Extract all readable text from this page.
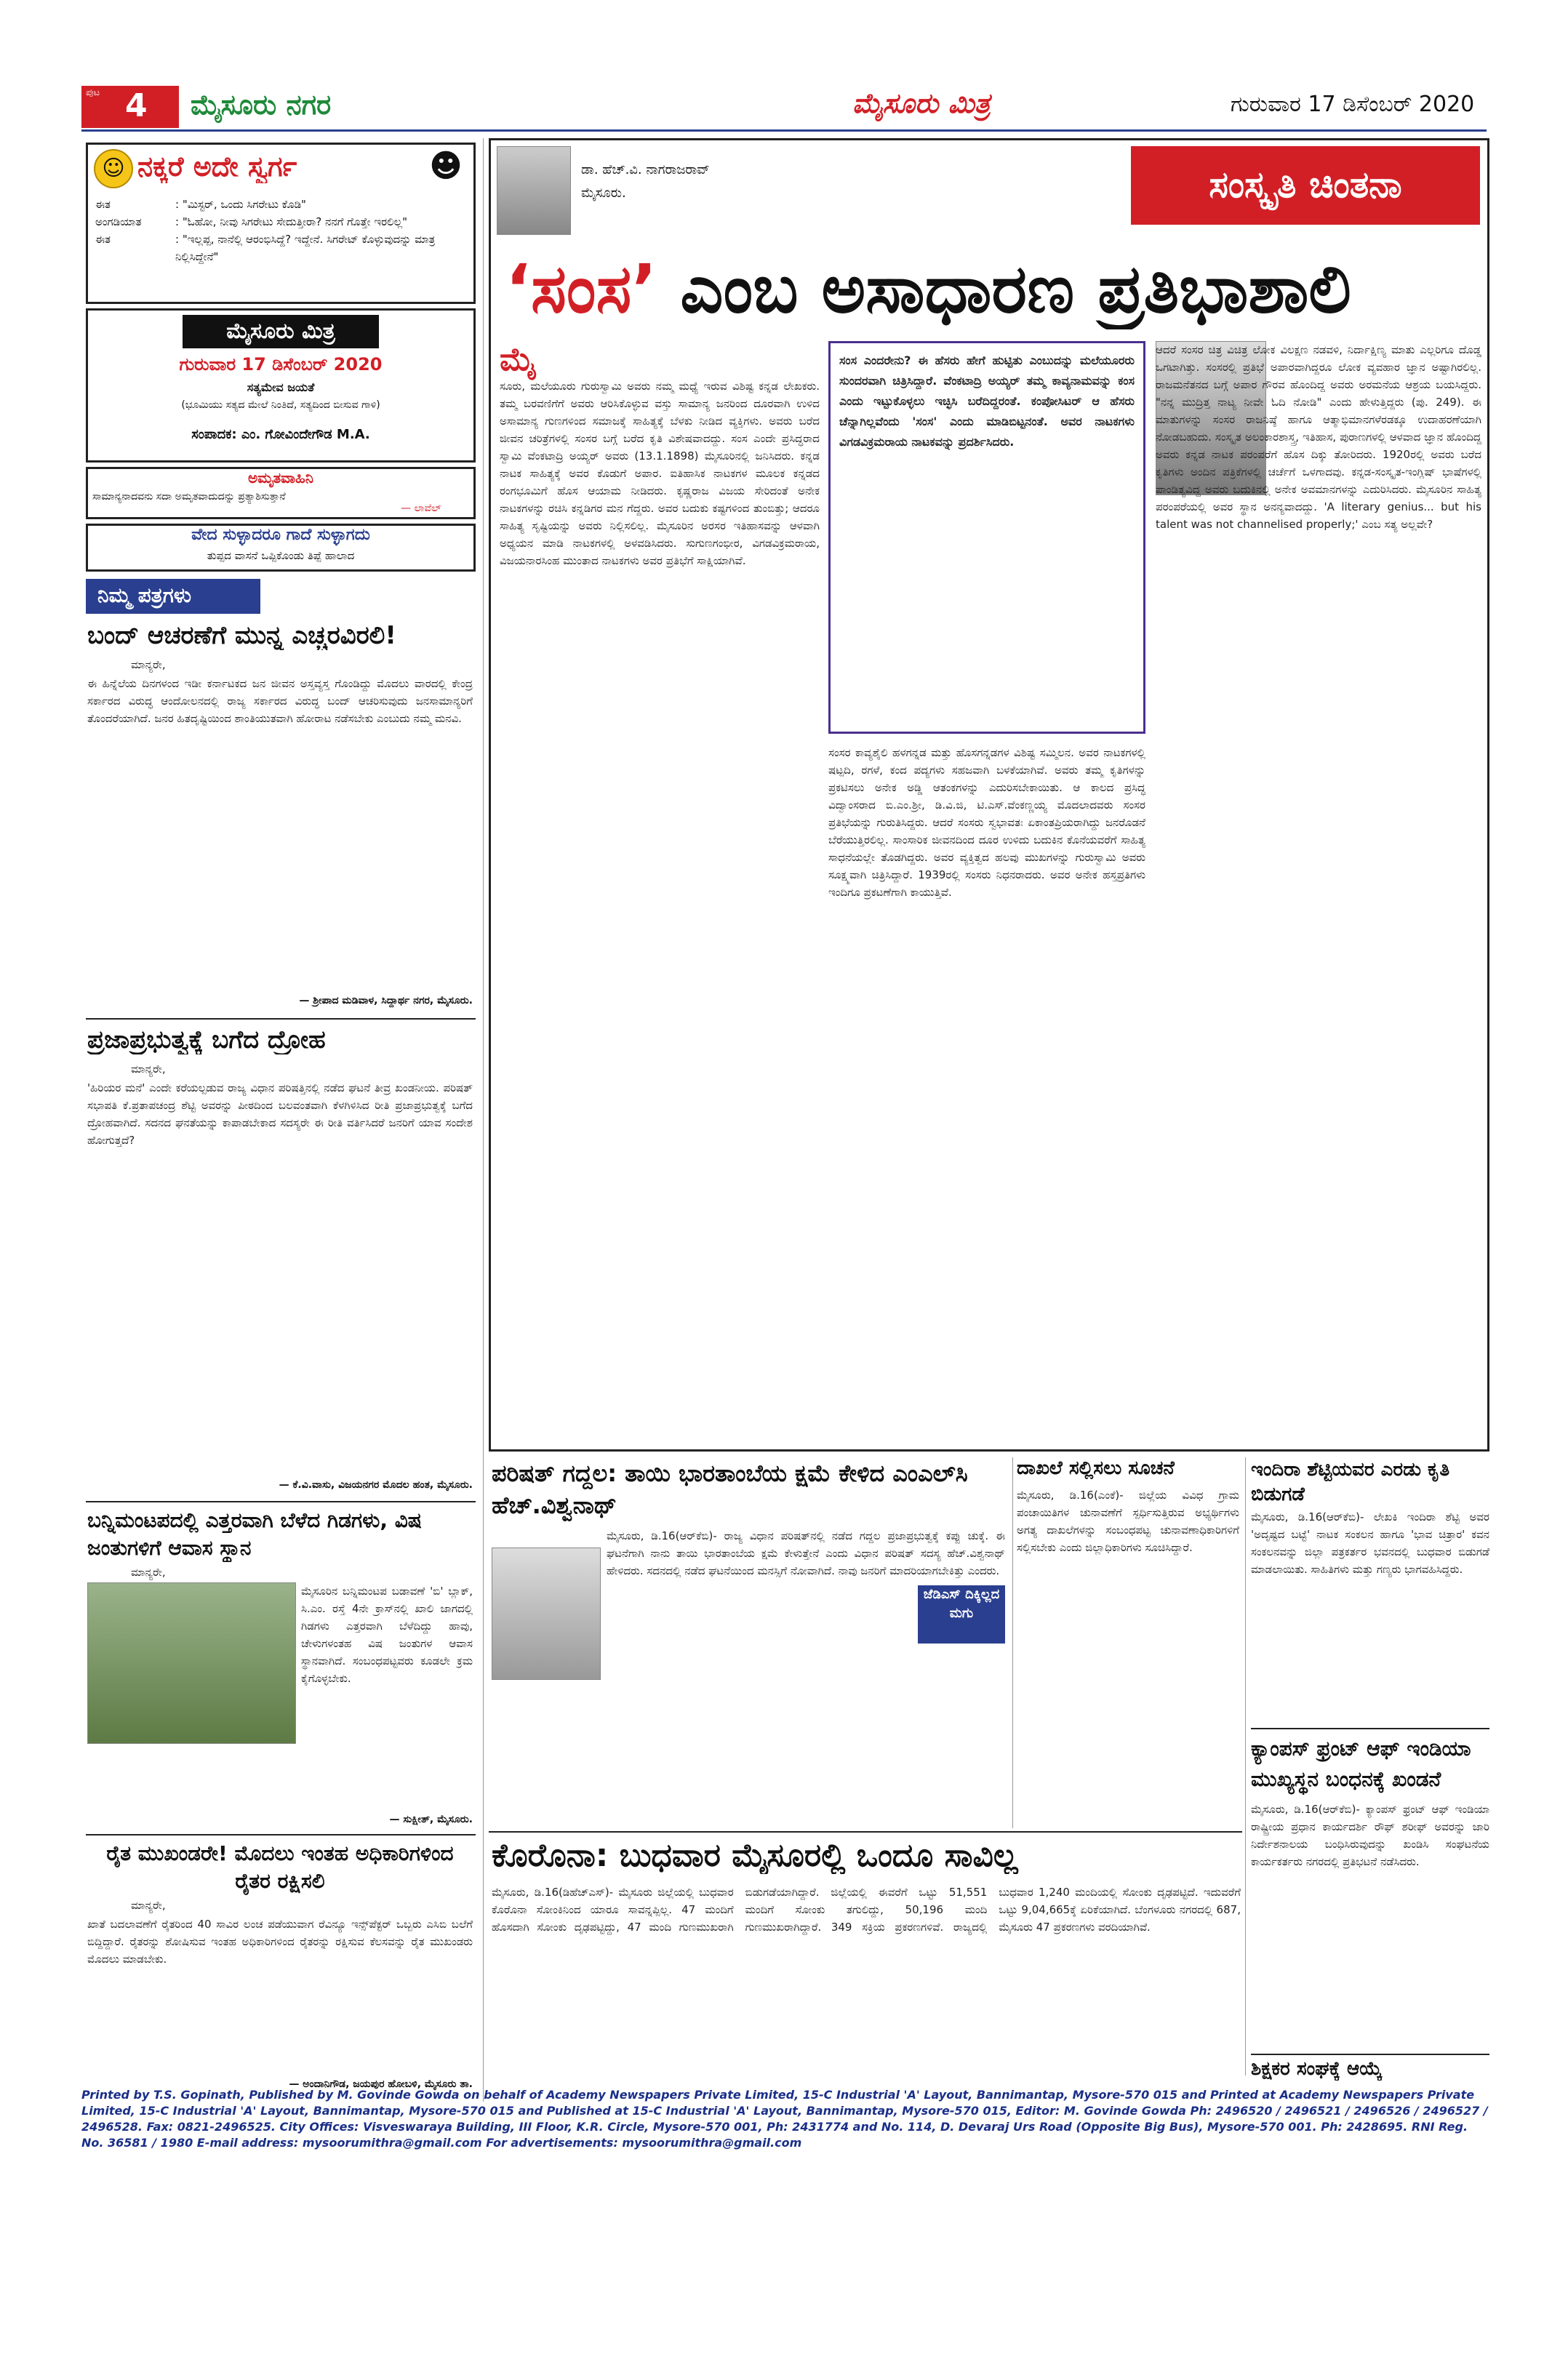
ಪುಟ 4 ಮೈಸೂರು ನಗರ	ಮೈಸೂರು ಮಿತ್ರ	ಗುರುವಾರ 17 ಡಿಸೆಂಬರ್ 2020
☺ ನಕ್ಕರೆ ಅದೇ ಸ್ವರ್ಗ	☻
ಈತ	: "ಮಿಸ್ಟರ್, ಒಂದು ಸಿಗರೇಟು ಕೊಡಿ"
ಅಂಗಡಿಯಾತ	: "ಓಹೋ, ನೀವು ಸಿಗರೇಟು ಸೇದುತ್ತೀರಾ? ನನಗೆ ಗೊತ್ತೇ ಇರಲಿಲ್ಲ"
ಈತ	: "ಇಲ್ಲಪ್ಪ, ನಾನೆಲ್ಲಿ ಆರಂಭಿಸಿದ್ದೆ? ಇದ್ದೇನೆ. ಸಿಗರೇಟ್ ಕೊಳ್ಳುವುದನ್ನು ಮಾತ್ರ ನಿಲ್ಲಿಸಿದ್ದೇನೆ"
ಮೈಸೂರು ಮಿತ್ರ
ಗುರುವಾರ 17 ಡಿಸೆಂಬರ್ 2020
ಸತ್ಯಮೇವ ಜಯತೆ
(ಭೂಮಿಯು ಸತ್ಯದ ಮೇಲೆ ನಿಂತಿದೆ, ಸತ್ಯದಿಂದ ಬೀಸುವ ಗಾಳಿ)
ಸಂಪಾದಕ: ಎಂ. ಗೋವಿಂದೇಗೌಡ M.A.
ಅಮೃತವಾಹಿನಿ
ಸಾಮಾನ್ಯನಾದವನು ಸದಾ ಅಮೃತವಾದುದನ್ನು ಪ್ರತ್ಯಾಶಿಸುತ್ತಾನೆ
— ಲಾವೆಲ್
ವೇದ ಸುಳ್ಳಾದರೂ ಗಾದೆ ಸುಳ್ಳಾಗದು
ತುಪ್ಪದ ವಾಸನೆ ಒಪ್ಪಿಕೊಂಡು ತಿಪ್ಪೆ ಹಾಲಾದ
ನಿಮ್ಮ ಪತ್ರಗಳು
ಬಂದ್ ಆಚರಣೆಗೆ ಮುನ್ನ ಎಚ್ಚರವಿರಲಿ!
ಮಾನ್ಯರೇ,
ಈ ಹಿನ್ನೆಲೆಯ ದಿನಗಳಂದ ಇಡೀ ಕರ್ನಾಟಕದ ಜನ ಜೀವನ ಅಸ್ತವ್ಯಸ್ತ ಗೊಂಡಿದ್ದು ಮೊದಲು ವಾರದಲ್ಲಿ ಕೇಂದ್ರ ಸರ್ಕಾರದ ವಿರುದ್ಧ ಆಂದೋಲನದಲ್ಲಿ ರಾಜ್ಯ ಸರ್ಕಾರದ ವಿರುದ್ಧ ಬಂದ್ ಆಚರಿಸುವುದು ಜನಸಾಮಾನ್ಯರಿಗೆ ತೊಂದರೆಯಾಗಿದೆ. ಜನರ ಹಿತದೃಷ್ಟಿಯಿಂದ ಶಾಂತಿಯುತವಾಗಿ ಹೋರಾಟ ನಡೆಸಬೇಕು ಎಂಬುದು ನಮ್ಮ ಮನವಿ.
— ಶ್ರೀಪಾದ ಮಡಿವಾಳ, ಸಿದ್ದಾರ್ಥ ನಗರ, ಮೈಸೂರು.
ಪ್ರಜಾಪ್ರಭುತ್ವಕ್ಕೆ ಬಗೆದ ದ್ರೋಹ
ಮಾನ್ಯರೇ,
'ಹಿರಿಯರ ಮನೆ' ಎಂದೇ ಕರೆಯಲ್ಪಡುವ ರಾಜ್ಯ ವಿಧಾನ ಪರಿಷತ್ತಿನಲ್ಲಿ ನಡೆದ ಘಟನೆ ತೀವ್ರ ಖಂಡನೀಯ. ಪರಿಷತ್ ಸಭಾಪತಿ ಕೆ.ಪ್ರತಾಪಚಂದ್ರ ಶೆಟ್ಟಿ ಅವರನ್ನು ಪೀಠದಿಂದ ಬಲವಂತವಾಗಿ ಕೆಳಗಿಳಿಸಿದ ರೀತಿ ಪ್ರಜಾಪ್ರಭುತ್ವಕ್ಕೆ ಬಗೆದ ದ್ರೋಹವಾಗಿದೆ. ಸದನದ ಘನತೆಯನ್ನು ಕಾಪಾಡಬೇಕಾದ ಸದಸ್ಯರೇ ಈ ರೀತಿ ವರ್ತಿಸಿದರೆ ಜನರಿಗೆ ಯಾವ ಸಂದೇಶ ಹೋಗುತ್ತದೆ?
— ಕೆ.ವಿ.ವಾಸು, ವಿಜಯನಗರ ಮೊದಲ ಹಂತ, ಮೈಸೂರು.
ಬನ್ನಿಮಂಟಪದಲ್ಲಿ ಎತ್ತರವಾಗಿ ಬೆಳೆದ ಗಿಡಗಳು, ವಿಷ ಜಂತುಗಳಿಗೆ ಆವಾಸ ಸ್ಥಾನ
ಮಾನ್ಯರೇ,
ಮೈಸೂರಿನ ಬನ್ನಿಮಂಟಪ ಬಡಾವಣೆ 'ಬಿ' ಬ್ಲಾಕ್, ಸಿ.ಎಂ. ರಸ್ತೆ 4ನೇ ಕ್ರಾಸ್‌ನಲ್ಲಿ ಖಾಲಿ ಜಾಗದಲ್ಲಿ ಗಿಡಗಳು ಎತ್ತರವಾಗಿ ಬೆಳೆದಿದ್ದು ಹಾವು, ಚೇಳುಗಳಂತಹ ವಿಷ ಜಂತುಗಳ ಆವಾಸ ಸ್ಥಾನವಾಗಿದೆ. ಸಂಬಂಧಪಟ್ಟವರು ಕೂಡಲೇ ಕ್ರಮ ಕೈಗೊಳ್ಳಬೇಕು.
— ಸುಕ್ಷೀತ್, ಮೈಸೂರು.
ರೈತ ಮುಖಂಡರೇ! ಮೊದಲು ಇಂತಹ ಅಧಿಕಾರಿಗಳಿಂದ ರೈತರ ರಕ್ಷಿಸಲಿ
ಮಾನ್ಯರೇ,
ಖಾತೆ ಬದಲಾವಣೆಗೆ ರೈತರಿಂದ 40 ಸಾವಿರ ಲಂಚ ಪಡೆಯುವಾಗ ರೆವಿನ್ಯೂ ಇನ್ಸ್‌ಪೆಕ್ಟರ್ ಒಬ್ಬರು ಎಸಿಬಿ ಬಲೆಗೆ ಬಿದ್ದಿದ್ದಾರೆ. ರೈತರನ್ನು ಶೋಷಿಸುವ ಇಂತಹ ಅಧಿಕಾರಿಗಳಿಂದ ರೈತರನ್ನು ರಕ್ಷಿಸುವ ಕೆಲಸವನ್ನು ರೈತ ಮುಖಂಡರು ಮೊದಲು ಮಾಡಬೇಕು.
— ಅಂದಾನಿಗೌಡ, ಜಯಪುರ ಹೋಬಳಿ, ಮೈಸೂರು ತಾ.
ಡಾ. ಹೆಚ್.ವಿ. ನಾಗರಾಜರಾವ್
ಮೈಸೂರು.	ಸಂಸ್ಕೃತಿ ಚಿಂತನಾ
‘ಸಂಸ’ ಎಂಬ ಅಸಾಧಾರಣ ಪ್ರತಿಭಾಶಾಲಿ
ಮೈ
ಸೂರು, ಮಲೆಯೂರು ಗುರುಸ್ವಾಮಿ ಅವರು ನಮ್ಮ ಮಧ್ಯೆ ಇರುವ ವಿಶಿಷ್ಟ ಕನ್ನಡ ಲೇಖಕರು. ತಮ್ಮ ಬರವಣಿಗೆಗೆ ಅವರು ಆರಿಸಿಕೊಳ್ಳುವ ವಸ್ತು ಸಾಮಾನ್ಯ ಜನರಿಂದ ದೂರವಾಗಿ ಉಳಿದ ಅಸಾಮಾನ್ಯ ಗುಣಗಳಿಂದ ಸಮಾಜಕ್ಕೆ ಸಾಹಿತ್ಯಕ್ಕೆ ಬೆಳಕು ನೀಡಿದ ವ್ಯಕ್ತಿಗಳು. ಅವರು ಬರೆದ ಜೀವನ ಚರಿತ್ರೆಗಳಲ್ಲಿ ಸಂಸರ ಬಗ್ಗೆ ಬರೆದ ಕೃತಿ ವಿಶೇಷವಾದದ್ದು. ಸಂಸ ಎಂದೇ ಪ್ರಸಿದ್ಧರಾದ ಸ್ವಾಮಿ ವೆಂಕಟಾದ್ರಿ ಅಯ್ಯರ್ ಅವರು (13.1.1898) ಮೈಸೂರಿನಲ್ಲಿ ಜನಿಸಿದರು. ಕನ್ನಡ ನಾಟಕ ಸಾಹಿತ್ಯಕ್ಕೆ ಅವರ ಕೊಡುಗೆ ಅಪಾರ. ಐತಿಹಾಸಿಕ ನಾಟಕಗಳ ಮೂಲಕ ಕನ್ನಡದ ರಂಗಭೂಮಿಗೆ ಹೊಸ ಆಯಾಮ ನೀಡಿದರು. ಕೃಷ್ಣರಾಜ ವಿಜಯ ಸೇರಿದಂತೆ ಅನೇಕ ನಾಟಕಗಳನ್ನು ರಚಿಸಿ ಕನ್ನಡಿಗರ ಮನ ಗೆದ್ದರು. ಅವರ ಬದುಕು ಕಷ್ಟಗಳಿಂದ ತುಂಬಿತ್ತು; ಆದರೂ ಸಾಹಿತ್ಯ ಸೃಷ್ಟಿಯನ್ನು ಅವರು ನಿಲ್ಲಿಸಲಿಲ್ಲ. ಮೈಸೂರಿನ ಅರಸರ ಇತಿಹಾಸವನ್ನು ಆಳವಾಗಿ ಅಧ್ಯಯನ ಮಾಡಿ ನಾಟಕಗಳಲ್ಲಿ ಅಳವಡಿಸಿದರು. ಸುಗುಣಗಂಭೀರ, ವಿಗಡವಿಕ್ರಮರಾಯ, ವಿಜಯನಾರಸಿಂಹ ಮುಂತಾದ ನಾಟಕಗಳು ಅವರ ಪ್ರತಿಭೆಗೆ ಸಾಕ್ಷಿಯಾಗಿವೆ.
ಸಂಸ ಎಂದರೇನು? ಈ ಹೆಸರು ಹೇಗೆ ಹುಟ್ಟಿತು ಎಂಬುದನ್ನು ಮಲೆಯೂರರು ಸುಂದರವಾಗಿ ಚಿತ್ರಿಸಿದ್ದಾರೆ. ವೆಂಕಟಾದ್ರಿ ಅಯ್ಯರ್ ತಮ್ಮ ಕಾವ್ಯನಾಮವನ್ನು ಕಂಸ ಎಂದು ಇಟ್ಟುಕೊಳ್ಳಲು ಇಚ್ಛಿಸಿ ಬರೆದಿದ್ದರಂತೆ. ಕಂಪೋಸಿಟರ್ ಆ ಹೆಸರು ಚೆನ್ನಾಗಿಲ್ಲವೆಂದು 'ಸಂಸ' ಎಂದು ಮಾಡಿಬಿಟ್ಟನಂತೆ. ಅವರ ನಾಟಕಗಳು ವಿಗಡವಿಕ್ರಮರಾಯ ನಾಟಕವನ್ನು ಪ್ರದರ್ಶಿಸಿದರು.
ಸಂಸರ ಕಾವ್ಯಶೈಲಿ ಹಳಗನ್ನಡ ಮತ್ತು ಹೊಸಗನ್ನಡಗಳ ವಿಶಿಷ್ಟ ಸಮ್ಮಿಲನ. ಅವರ ನಾಟಕಗಳಲ್ಲಿ ಷಟ್ಪದಿ, ರಗಳೆ, ಕಂದ ಪದ್ಯಗಳು ಸಹಜವಾಗಿ ಬಳಕೆಯಾಗಿವೆ. ಅವರು ತಮ್ಮ ಕೃತಿಗಳನ್ನು ಪ್ರಕಟಿಸಲು ಅನೇಕ ಅಡ್ಡಿ ಆತಂಕಗಳನ್ನು ಎದುರಿಸಬೇಕಾಯಿತು. ಆ ಕಾಲದ ಪ್ರಸಿದ್ಧ ವಿದ್ವಾಂಸರಾದ ಬಿ.ಎಂ.ಶ್ರೀ, ಡಿ.ವಿ.ಜಿ, ಟಿ.ಎಸ್.ವೆಂಕಣ್ಣಯ್ಯ ಮೊದಲಾದವರು ಸಂಸರ ಪ್ರತಿಭೆಯನ್ನು ಗುರುತಿಸಿದ್ದರು. ಆದರೆ ಸಂಸರು ಸ್ವಭಾವತಃ ಏಕಾಂತಪ್ರಿಯರಾಗಿದ್ದು ಜನರೊಡನೆ ಬೆರೆಯುತ್ತಿರಲಿಲ್ಲ. ಸಾಂಸಾರಿಕ ಜೀವನದಿಂದ ದೂರ ಉಳಿದು ಬದುಕಿನ ಕೊನೆಯವರೆಗೆ ಸಾಹಿತ್ಯ ಸಾಧನೆಯಲ್ಲೇ ತೊಡಗಿದ್ದರು. ಅವರ ವ್ಯಕ್ತಿತ್ವದ ಹಲವು ಮುಖಗಳನ್ನು ಗುರುಸ್ವಾಮಿ ಅವರು ಸೂಕ್ಷ್ಮವಾಗಿ ಚಿತ್ರಿಸಿದ್ದಾರೆ. 1939ರಲ್ಲಿ ಸಂಸರು ನಿಧನರಾದರು. ಅವರ ಅನೇಕ ಹಸ್ತಪ್ರತಿಗಳು ಇಂದಿಗೂ ಪ್ರಕಟಣೆಗಾಗಿ ಕಾಯುತ್ತಿವೆ.
ಆದರೆ ಸಂಸರ ಚಿತ್ರ ವಿಚಿತ್ರ ಲೋಕ ವಿಲಕ್ಷಣ ನಡವಳಿ, ನಿರ್ದಾಕ್ಷಿಣ್ಯ ಮಾತು ಎಲ್ಲರಿಗೂ ದೊಡ್ಡ ಒಗಟಾಗಿತ್ತು. ಸಂಸರಲ್ಲಿ ಪ್ರತಿಭೆ ಅಪಾರವಾಗಿದ್ದರೂ ಲೋಕ ವ್ಯವಹಾರ ಜ್ಞಾನ ಅಷ್ಟಾಗಿರಲಿಲ್ಲ. ರಾಜಮನೆತನದ ಬಗ್ಗೆ ಅಪಾರ ಗೌರವ ಹೊಂದಿದ್ದ ಅವರು ಅರಮನೆಯ ಆಶ್ರಯ ಬಯಸಿದ್ದರು. "ನನ್ನ ಮುದ್ರಿತ್ತ ನಾಟ್ಯ ನೀವೇ ಓದಿ ನೋಡಿ" ಎಂದು ಹೇಳುತ್ತಿದ್ದರು (ಪು. 249). ಈ ಮಾತುಗಳನ್ನು ಸಂಸರ ರಾಜನಿಷ್ಠೆ ಹಾಗೂ ಆತ್ಮಾಭಿಮಾನಗಳೆರಡಕ್ಕೂ ಉದಾಹರಣೆಯಾಗಿ ನೋಡಬಹುದು. ಸಂಸ್ಕೃತ ಅಲಂಕಾರಶಾಸ್ತ್ರ, ಇತಿಹಾಸ, ಪುರಾಣಗಳಲ್ಲಿ ಆಳವಾದ ಜ್ಞಾನ ಹೊಂದಿದ್ದ ಅವರು ಕನ್ನಡ ನಾಟಕ ಪರಂಪರೆಗೆ ಹೊಸ ದಿಕ್ಕು ತೋರಿದರು. 1920ರಲ್ಲಿ ಅವರು ಬರೆದ ಕೃತಿಗಳು ಅಂದಿನ ಪತ್ರಿಕೆಗಳಲ್ಲಿ ಚರ್ಚೆಗೆ ಒಳಗಾದವು. ಕನ್ನಡ-ಸಂಸ್ಕೃತ-ಇಂಗ್ಲಿಷ್ ಭಾಷೆಗಳಲ್ಲಿ ಪಾಂಡಿತ್ಯವಿದ್ದ ಅವರು ಬದುಕಿನಲ್ಲಿ ಅನೇಕ ಅವಮಾನಗಳನ್ನು ಎದುರಿಸಿದರು. ಮೈಸೂರಿನ ಸಾಹಿತ್ಯ ಪರಂಪರೆಯಲ್ಲಿ ಅವರ ಸ್ಥಾನ ಅನನ್ಯವಾದದ್ದು. 'A literary genius... but his talent was not channelised properly;' ಎಂಬ ಸತ್ಯ ಅಲ್ಲವೇ?
ಪರಿಷತ್ ಗದ್ದಲ: ತಾಯಿ ಭಾರತಾಂಬೆಯ ಕ್ಷಮೆ ಕೇಳಿದ ಎಂಎಲ್‌ಸಿ ಹೆಚ್.ವಿಶ್ವನಾಥ್
ಮೈಸೂರು, ಡಿ.16(ಆರ್‌ಕೆಬಿ)- ರಾಜ್ಯ ವಿಧಾನ ಪರಿಷತ್‌ನಲ್ಲಿ ನಡೆದ ಗದ್ದಲ ಪ್ರಜಾಪ್ರಭುತ್ವಕ್ಕೆ ಕಪ್ಪು ಚುಕ್ಕೆ. ಈ ಘಟನೆಗಾಗಿ ನಾನು ತಾಯಿ ಭಾರತಾಂಬೆಯ ಕ್ಷಮೆ ಕೇಳುತ್ತೇನೆ ಎಂದು ವಿಧಾನ ಪರಿಷತ್ ಸದಸ್ಯ ಹೆಚ್.ವಿಶ್ವನಾಥ್ ಹೇಳಿದರು. ಸದನದಲ್ಲಿ ನಡೆದ ಘಟನೆಯಿಂದ ಮನಸ್ಸಿಗೆ ನೋವಾಗಿದೆ. ನಾವು ಜನರಿಗೆ ಮಾದರಿಯಾಗಬೇಕಿತ್ತು ಎಂದರು.
ಜೆಡಿಎಸ್ ದಿಕ್ಕಿಲ್ಲದ ಮಗು
ದಾಖಲೆ ಸಲ್ಲಿಸಲು ಸೂಚನೆ
ಮೈಸೂರು, ಡಿ.16(ಎಂಕೆ)- ಜಿಲ್ಲೆಯ ವಿವಿಧ ಗ್ರಾಮ ಪಂಚಾಯಿತಿಗಳ ಚುನಾವಣೆಗೆ ಸ್ಪರ್ಧಿಸುತ್ತಿರುವ ಅಭ್ಯರ್ಥಿಗಳು ಅಗತ್ಯ ದಾಖಲೆಗಳನ್ನು ಸಂಬಂಧಪಟ್ಟ ಚುನಾವಣಾಧಿಕಾರಿಗಳಿಗೆ ಸಲ್ಲಿಸಬೇಕು ಎಂದು ಜಿಲ್ಲಾಧಿಕಾರಿಗಳು ಸೂಚಿಸಿದ್ದಾರೆ.
ಇಂದಿರಾ ಶೆಟ್ಟಿಯವರ ಎರಡು ಕೃತಿ ಬಿಡುಗಡೆ
ಮೈಸೂರು, ಡಿ.16(ಆರ್‌ಕೆಬಿ)- ಲೇಖಕಿ ಇಂದಿರಾ ಶೆಟ್ಟಿ ಅವರ 'ಅದೃಷ್ಟದ ಬಟ್ಟೆ' ನಾಟಕ ಸಂಕಲನ ಹಾಗೂ 'ಭಾವ ಚಿತ್ರಾರ' ಕವನ ಸಂಕಲನವನ್ನು ಜಿಲ್ಲಾ ಪತ್ರಕರ್ತರ ಭವನದಲ್ಲಿ ಬುಧವಾರ ಬಿಡುಗಡೆ ಮಾಡಲಾಯಿತು. ಸಾಹಿತಿಗಳು ಮತ್ತು ಗಣ್ಯರು ಭಾಗವಹಿಸಿದ್ದರು.
ಕ್ಯಾಂಪಸ್ ಫ್ರಂಟ್ ಆಫ್ ಇಂಡಿಯಾ ಮುಖ್ಯಸ್ಥನ ಬಂಧನಕ್ಕೆ ಖಂಡನೆ
ಮೈಸೂರು, ಡಿ.16(ಆರ್‌ಕೆಬಿ)- ಕ್ಯಾಂಪಸ್ ಫ್ರಂಟ್ ಆಫ್ ಇಂಡಿಯಾ ರಾಷ್ಟ್ರೀಯ ಪ್ರಧಾನ ಕಾರ್ಯದರ್ಶಿ ರೌಫ್ ಶರೀಫ್ ಅವರನ್ನು ಜಾರಿ ನಿರ್ದೇಶನಾಲಯ ಬಂಧಿಸಿರುವುದನ್ನು ಖಂಡಿಸಿ ಸಂಘಟನೆಯ ಕಾರ್ಯಕರ್ತರು ನಗರದಲ್ಲಿ ಪ್ರತಿಭಟನೆ ನಡೆಸಿದರು.
ಕೊರೊನಾ: ಬುಧವಾರ ಮೈಸೂರಲ್ಲಿ ಒಂದೂ ಸಾವಿಲ್ಲ
ಮೈಸೂರು, ಡಿ.16(ಡಿಹೆಚ್‌ಎಸ್)- ಮೈಸೂರು ಜಿಲ್ಲೆಯಲ್ಲಿ ಬುಧವಾರ ಕೊರೊನಾ ಸೋಂಕಿನಿಂದ ಯಾರೂ ಸಾವನ್ನಪ್ಪಿಲ್ಲ. 47 ಮಂದಿಗೆ ಹೊಸದಾಗಿ ಸೋಂಕು ದೃಢಪಟ್ಟಿದ್ದು, 47 ಮಂದಿ ಗುಣಮುಖರಾಗಿ ಬಿಡುಗಡೆಯಾಗಿದ್ದಾರೆ. ಜಿಲ್ಲೆಯಲ್ಲಿ ಈವರೆಗೆ ಒಟ್ಟು 51,551 ಮಂದಿಗೆ ಸೋಂಕು ತಗುಲಿದ್ದು, 50,196 ಮಂದಿ ಗುಣಮುಖರಾಗಿದ್ದಾರೆ. 349 ಸಕ್ರಿಯ ಪ್ರಕರಣಗಳಿವೆ. ರಾಜ್ಯದಲ್ಲಿ ಬುಧವಾರ 1,240 ಮಂದಿಯಲ್ಲಿ ಸೋಂಕು ದೃಢಪಟ್ಟಿದೆ. ಇದುವರೆಗೆ ಒಟ್ಟು 9,04,665ಕ್ಕೆ ಏರಿಕೆಯಾಗಿದೆ. ಬೆಂಗಳೂರು ನಗರದಲ್ಲಿ 687, ಮೈಸೂರು 47 ಪ್ರಕರಣಗಳು ವರದಿಯಾಗಿವೆ.
ಶಿಕ್ಷಕರ ಸಂಘಕ್ಕೆ ಆಯ್ಕೆ
Printed by T.S. Gopinath, Published by M. Govinde Gowda on behalf of Academy Newspapers Private Limited, 15-C Industrial 'A' Layout, Bannimantap, Mysore-570 015 and Printed at Academy Newspapers Private Limited, 15-C Industrial 'A' Layout, Bannimantap, Mysore-570 015 and Published at 15-C Industrial 'A' Layout, Bannimantap, Mysore-570 015, Editor: M. Govinde Gowda Ph: 2496520 / 2496521 / 2496526 / 2496527 / 2496528. Fax: 0821-2496525. City Offices: Visveswaraya Building, III Floor, K.R. Circle, Mysore-570 001, Ph: 2431774 and No. 114, D. Devaraj Urs Road (Opposite Big Bus), Mysore-570 001. Ph: 2428695. RNI Reg. No. 36581 / 1980 E-mail address: mysoorumithra@gmail.com For advertisements: mysoorumithra@gmail.com
